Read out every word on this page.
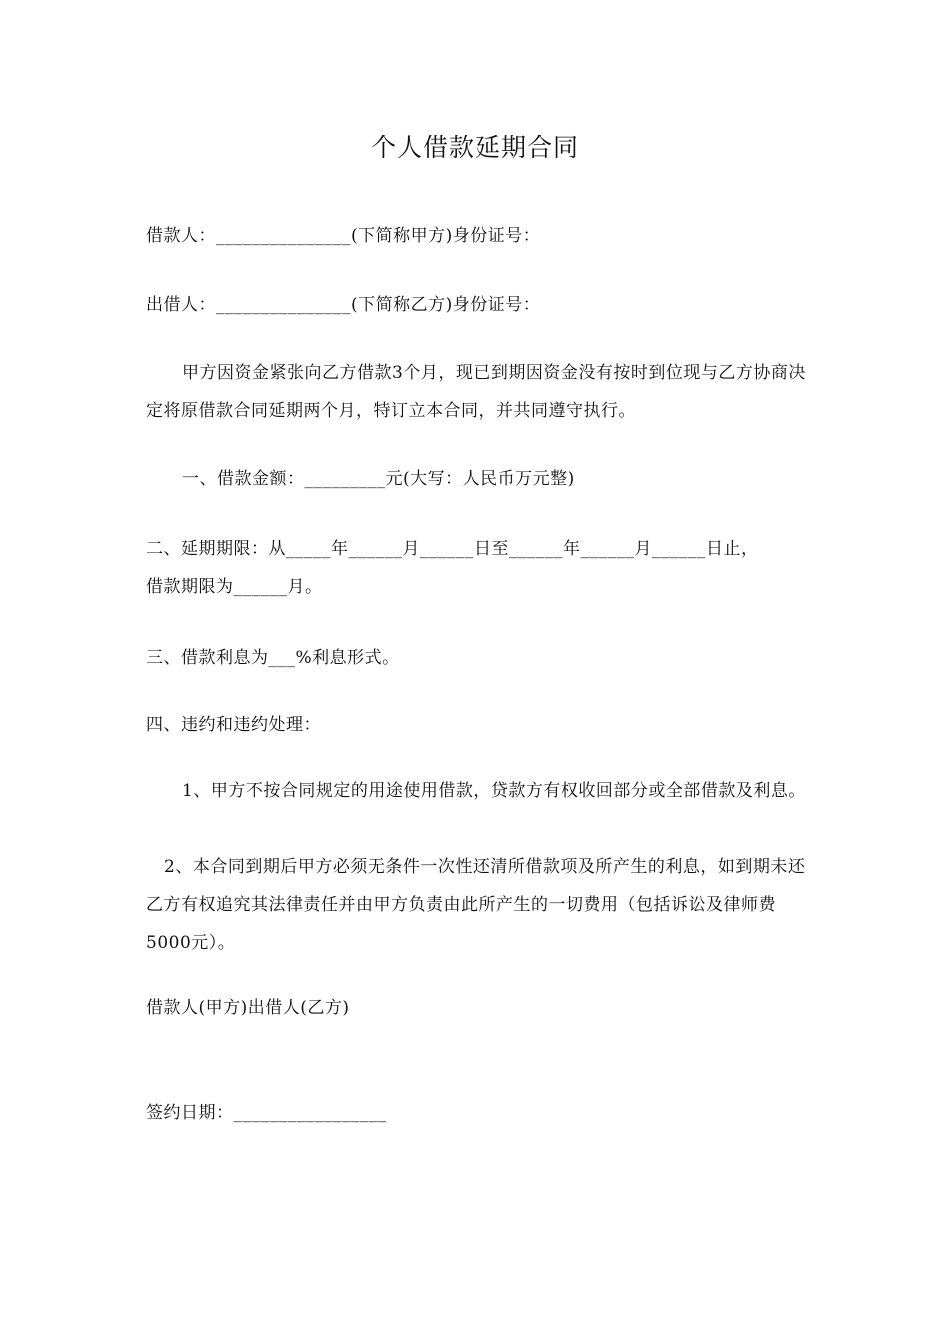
个人借款延期合同
借款人：_______________(下简称甲方)身份证号：
出借人：_______________(下简称乙方)身份证号：
甲方因资金紧张向乙方借款3个月，现已到期因资金没有按时到位现与乙方协商决定将原借款合同延期两个月，特订立本合同，并共同遵守执行。
一、借款金额：_________元(大写：人民币万元整)
二、延期期限：从_____年______月______日至______年______月______日止，
借款期限为______月。
三、借款利息为___%利息形式。
四、违约和违约处理：
1、甲方不按合同规定的用途使用借款，贷款方有权收回部分或全部借款及利息。
2、本合同到期后甲方必须无条件一次性还清所借款项及所产生的利息，如到期未还乙方有权追究其法律责任并由甲方负责由此所产生的一切费用（包括诉讼及律师费5000元）。
借款人(甲方)出借人(乙方)
签约日期：_________________
